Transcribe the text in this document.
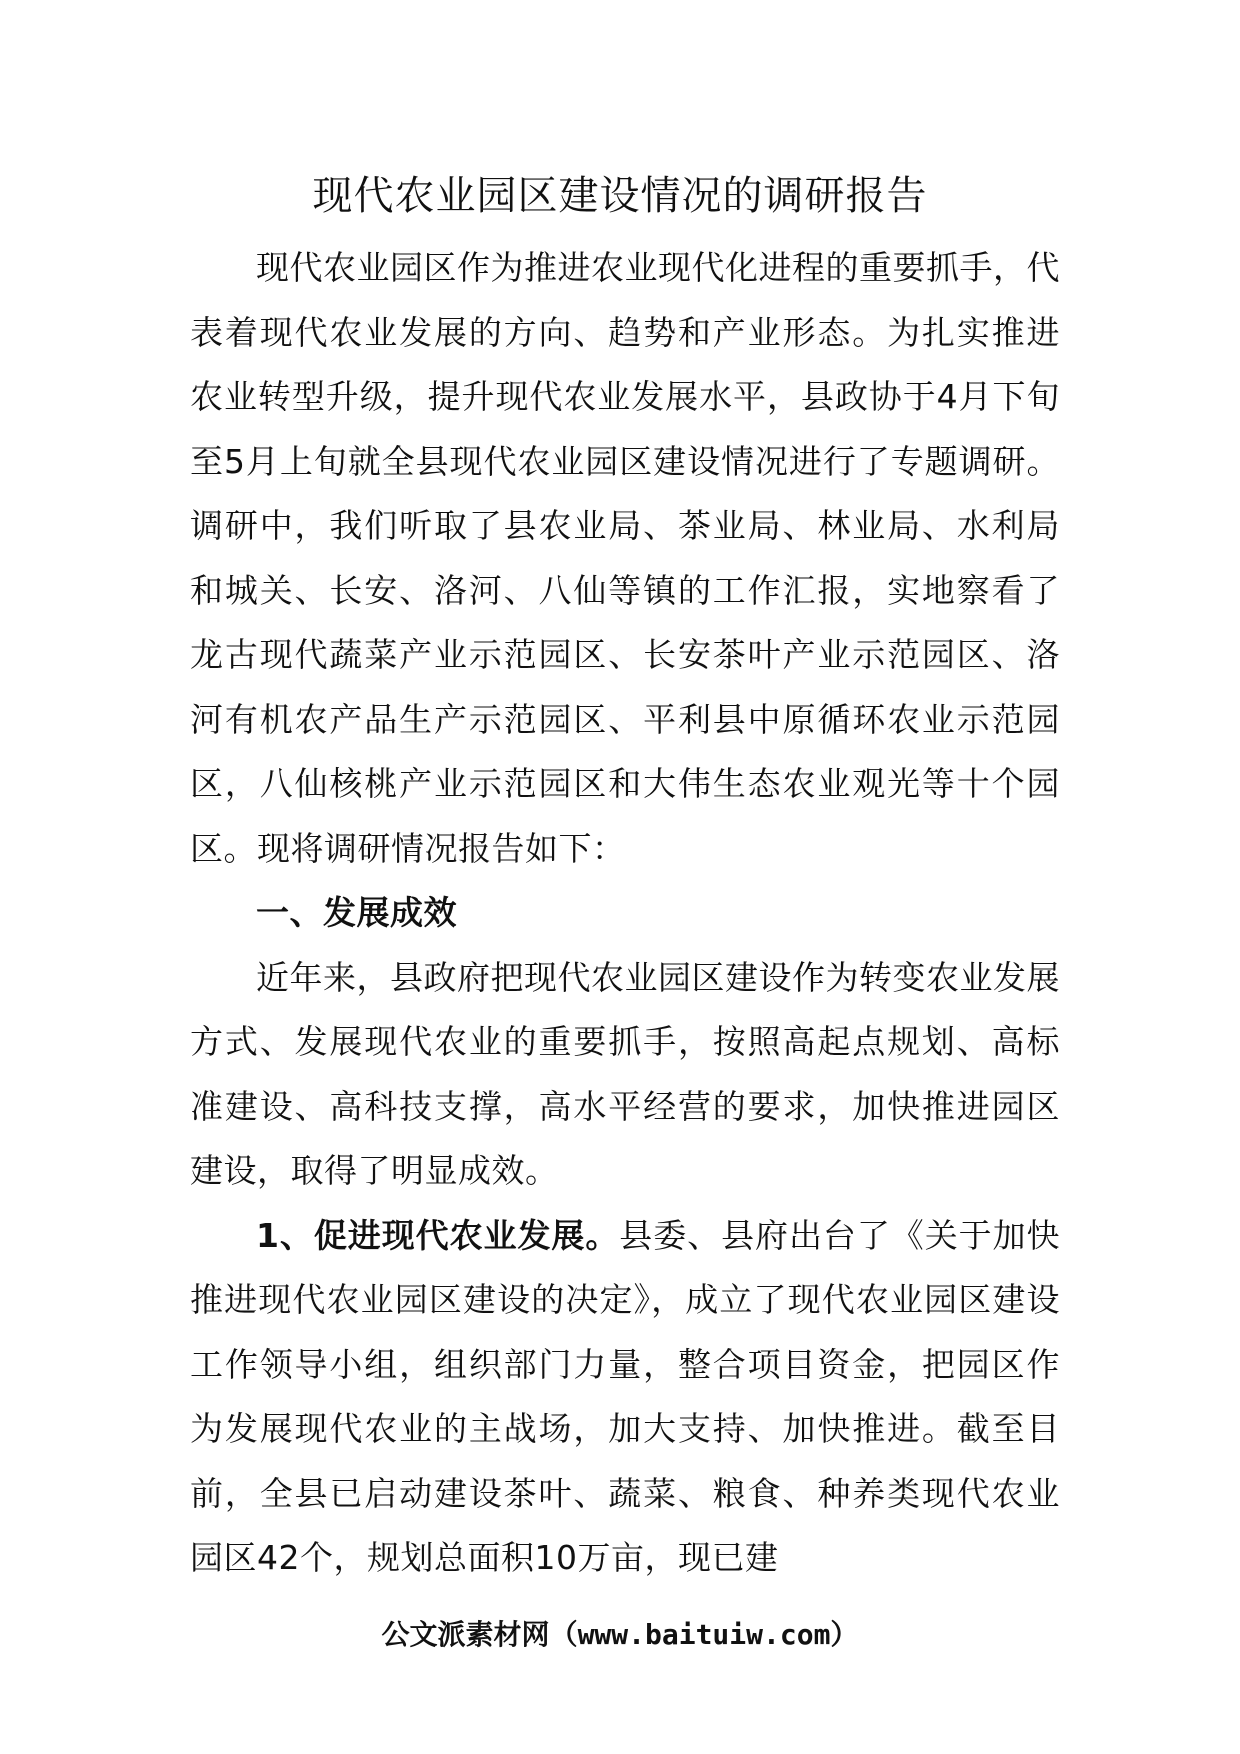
现代农业园区建设情况的调研报告

现代农业园区作为推进农业现代化进程的重要抓手，代表着现代农业发展的方向、趋势和产业形态。为扎实推进农业转型升级，提升现代农业发展水平，县政协于4月下旬至5月上旬就全县现代农业园区建设情况进行了专题调研。调研中，我们听取了县农业局、茶业局、林业局、水利局和城关、长安、洛河、八仙等镇的工作汇报，实地察看了龙古现代蔬菜产业示范园区、长安茶叶产业示范园区、洛河有机农产品生产示范园区、平利县中原循环农业示范园区，八仙核桃产业示范园区和大伟生态农业观光等十个园区。现将调研情况报告如下：

一、发展成效

近年来，县政府把现代农业园区建设作为转变农业发展方式、发展现代农业的重要抓手，按照高起点规划、高标准建设、高科技支撑，高水平经营的要求，加快推进园区建设，取得了明显成效。

1、促进现代农业发展。县委、县府出台了《关于加快推进现代农业园区建设的决定》，成立了现代农业园区建设工作领导小组，组织部门力量，整合项目资金，把园区作为发展现代农业的主战场，加大支持、加快推进。截至目前，全县已启动建设茶叶、蔬菜、粮食、种养类现代农业园区42个，规划总面积10万亩，现已建

公文派素材网（www.baituiw.com）
